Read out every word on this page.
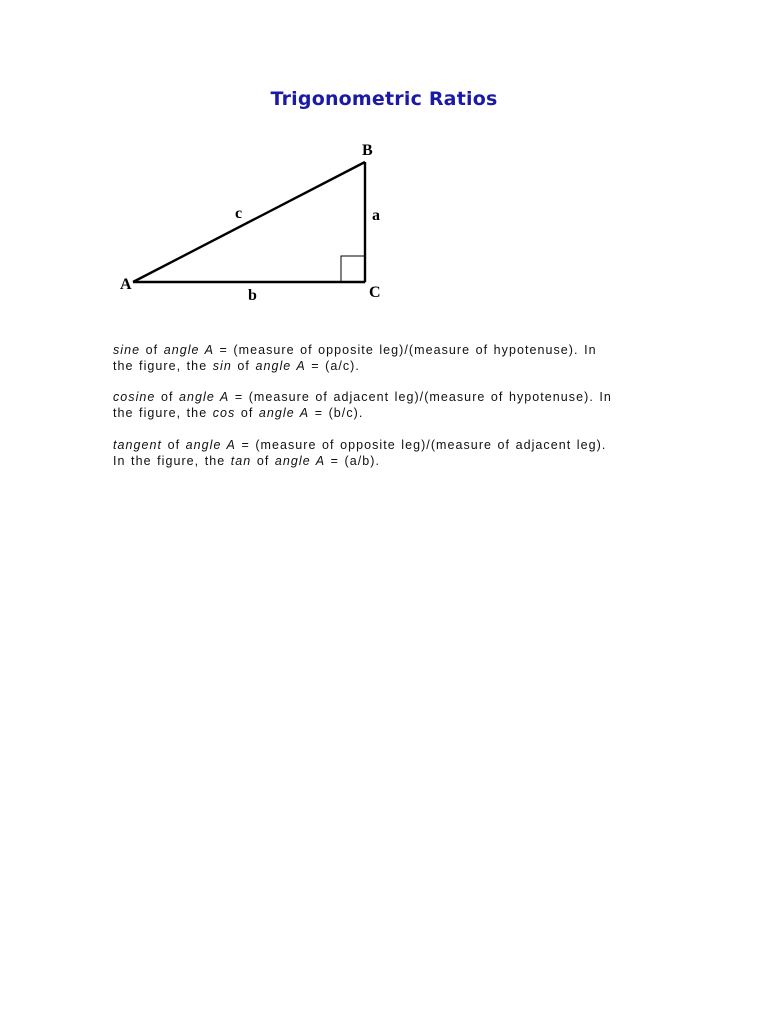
Trigonometric Ratios
A
B
C
a
b
c
sine of angle A = (measure of opposite leg)/(measure of hypotenuse). In
the figure, the sin of angle A = (a/c).
cosine of angle A = (measure of adjacent leg)/(measure of hypotenuse). In
the figure, the cos of angle A = (b/c).
tangent of angle A = (measure of opposite leg)/(measure of adjacent leg).
In the figure, the tan of angle A = (a/b).
